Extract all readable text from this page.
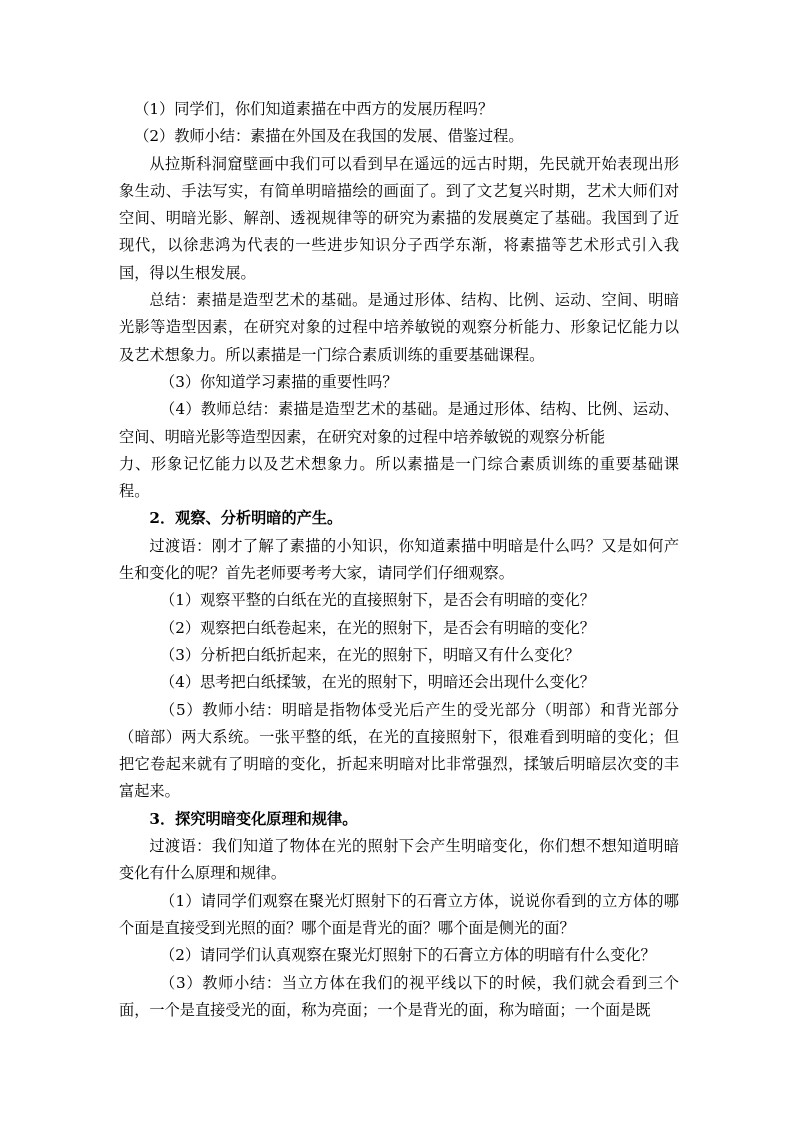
（1）同学们，你们知道素描在中西方的发展历程吗？

（2）教师小结：素描在外国及在我国的发展、借鉴过程。

从拉斯科洞窟壁画中我们可以看到早在遥远的远古时期，先民就开始表现出形象生动、手法写实，有简单明暗描绘的画面了。到了文艺复兴时期，艺术大师们对空间、明暗光影、解剖、透视规律等的研究为素描的发展奠定了基础。我国到了近现代，以徐悲鸿为代表的一些进步知识分子西学东渐，将素描等艺术形式引入我国，得以生根发展。

总结：素描是造型艺术的基础。是通过形体、结构、比例、运动、空间、明暗光影等造型因素，在研究对象的过程中培养敏锐的观察分析能力、形象记忆能力以及艺术想象力。所以素描是一门综合素质训练的重要基础课程。

（3）你知道学习素描的重要性吗？

（4）教师总结：素描是造型艺术的基础。是通过形体、结构、比例、运动、空间、明暗光影等造型因素，在研究对象的过程中培养敏锐的观察分析能

力、形象记忆能力以及艺术想象力。所以素描是一门综合素质训练的重要基础课程。

2．观察、分析明暗的产生。

过渡语：刚才了解了素描的小知识，你知道素描中明暗是什么吗？又是如何产生和变化的呢？首先老师要考考大家，请同学们仔细观察。

（1）观察平整的白纸在光的直接照射下，是否会有明暗的变化？

（2）观察把白纸卷起来，在光的照射下，是否会有明暗的变化？

（3）分析把白纸折起来，在光的照射下，明暗又有什么变化？

（4）思考把白纸揉皱，在光的照射下，明暗还会出现什么变化？

（5）教师小结：明暗是指物体受光后产生的受光部分（明部）和背光部分（暗部）两大系统。一张平整的纸，在光的直接照射下，很难看到明暗的变化；但把它卷起来就有了明暗的变化，折起来明暗对比非常强烈，揉皱后明暗层次变的丰富起来。

3．探究明暗变化原理和规律。

过渡语：我们知道了物体在光的照射下会产生明暗变化，你们想不想知道明暗变化有什么原理和规律。

（1）请同学们观察在聚光灯照射下的石膏立方体，说说你看到的立方体的哪个面是直接受到光照的面？哪个面是背光的面？哪个面是侧光的面？

（2）请同学们认真观察在聚光灯照射下的石膏立方体的明暗有什么变化？

（3）教师小结：当立方体在我们的视平线以下的时候，我们就会看到三个面，一个是直接受光的面，称为亮面；一个是背光的面，称为暗面；一个面是既
